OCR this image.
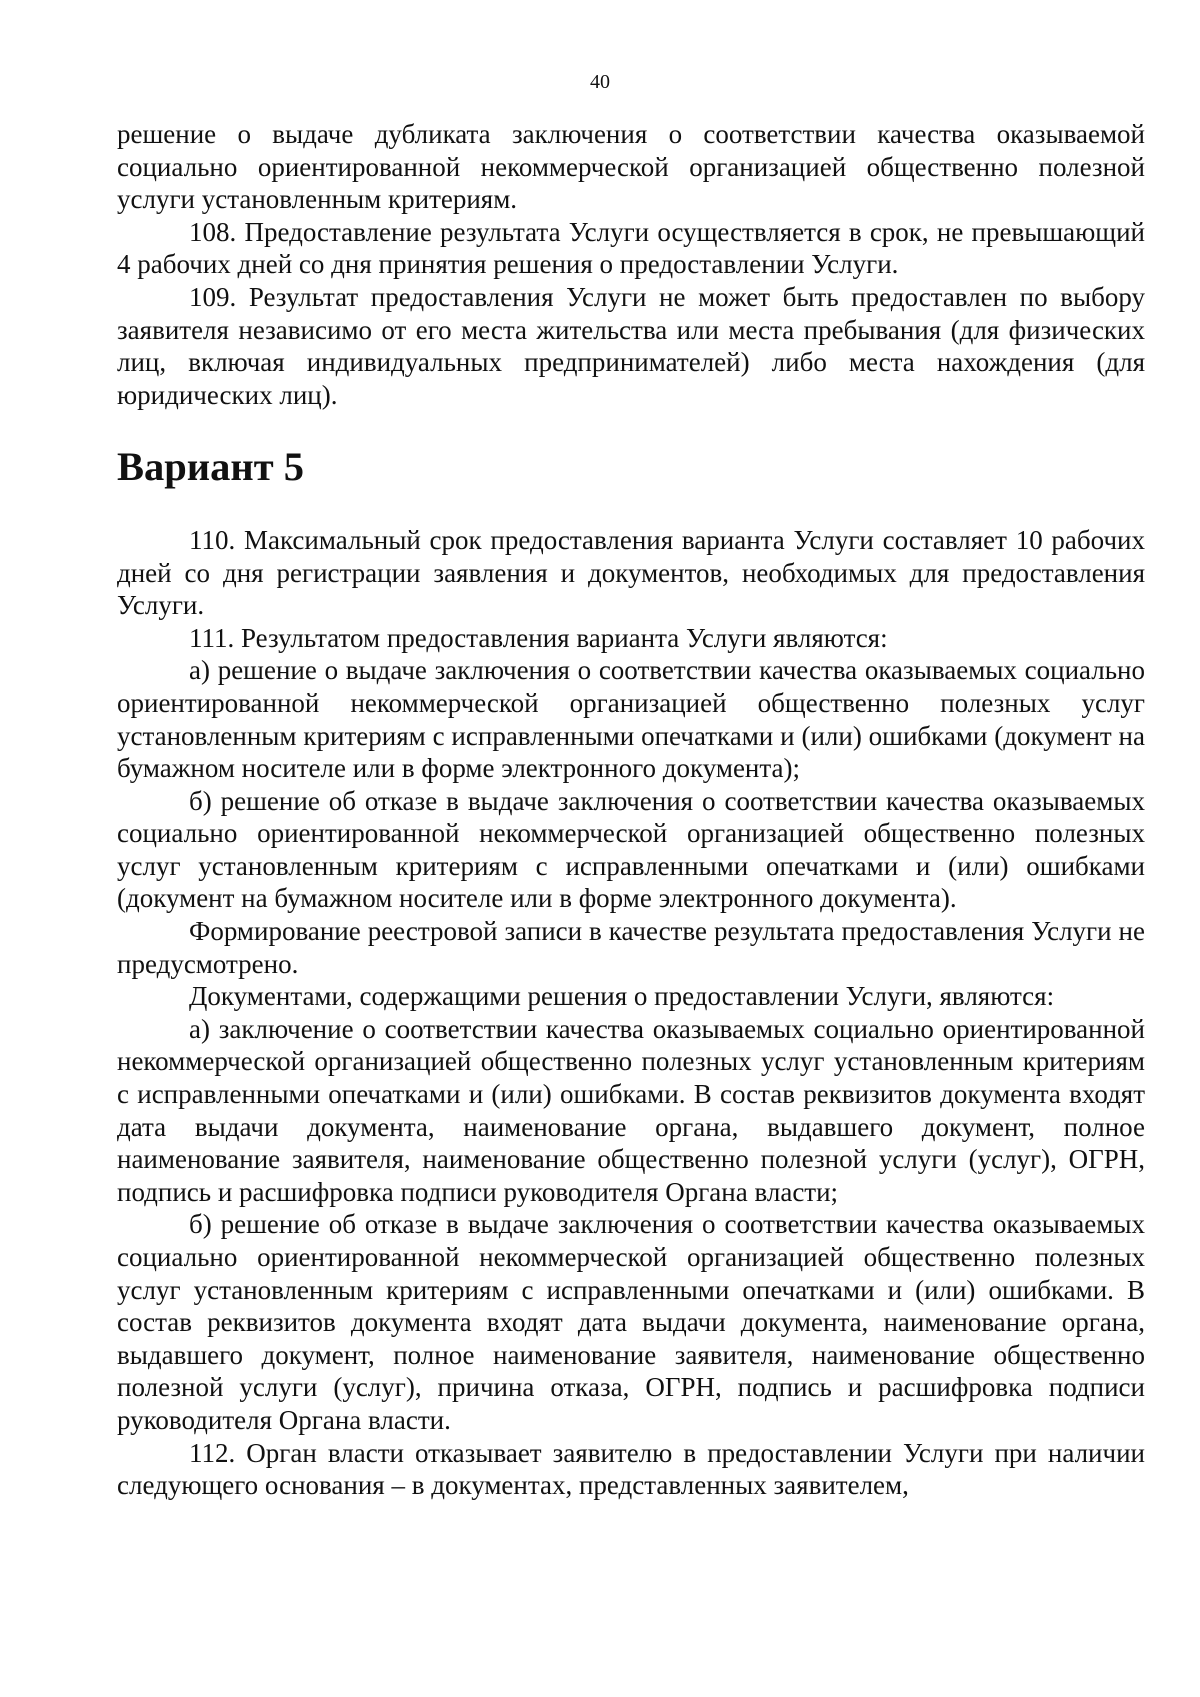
40

решение о выдаче дубликата заключения о соответствии качества оказываемой социально ориентированной некоммерческой организацией общественно полезной услуги установленным критериям.

108. Предоставление результата Услуги осуществляется в срок, не превышающий 4 рабочих дней со дня принятия решения о предоставлении Услуги.

109. Результат предоставления Услуги не может быть предоставлен по выбору заявителя независимо от его места жительства или места пребывания (для физических лиц, включая индивидуальных предпринимателей) либо места нахождения (для юридических лиц).

Вариант 5

110. Максимальный срок предоставления варианта Услуги составляет 10 рабочих дней со дня регистрации заявления и документов, необходимых для предоставления Услуги.

111. Результатом предоставления варианта Услуги являются:

а) решение о выдаче заключения о соответствии качества оказываемых социально ориентированной некоммерческой организацией общественно полезных услуг установленным критериям с исправленными опечатками и (или) ошибками (документ на бумажном носителе или в форме электронного документа);

б) решение об отказе в выдаче заключения о соответствии качества оказываемых социально ориентированной некоммерческой организацией общественно полезных услуг установленным критериям с исправленными опечатками и (или) ошибками (документ на бумажном носителе или в форме электронного документа).

Формирование реестровой записи в качестве результата предоставления Услуги не предусмотрено.

Документами, содержащими решения о предоставлении Услуги, являются:

а) заключение о соответствии качества оказываемых социально ориентированной некоммерческой организацией общественно полезных услуг установленным критериям с исправленными опечатками и (или) ошибками. В состав реквизитов документа входят дата выдачи документа, наименование органа, выдавшего документ, полное наименование заявителя, наименование общественно полезной услуги (услуг), ОГРН, подпись и расшифровка подписи руководителя Органа власти;

б) решение об отказе в выдаче заключения о соответствии качества оказываемых социально ориентированной некоммерческой организацией общественно полезных услуг установленным критериям с исправленными опечатками и (или) ошибками. В состав реквизитов документа входят дата выдачи документа, наименование органа, выдавшего документ, полное наименование заявителя, наименование общественно полезной услуги (услуг), причина отказа, ОГРН, подпись и расшифровка подписи руководителя Органа власти.

112. Орган власти отказывает заявителю в предоставлении Услуги при наличии следующего основания – в документах, представленных заявителем,
